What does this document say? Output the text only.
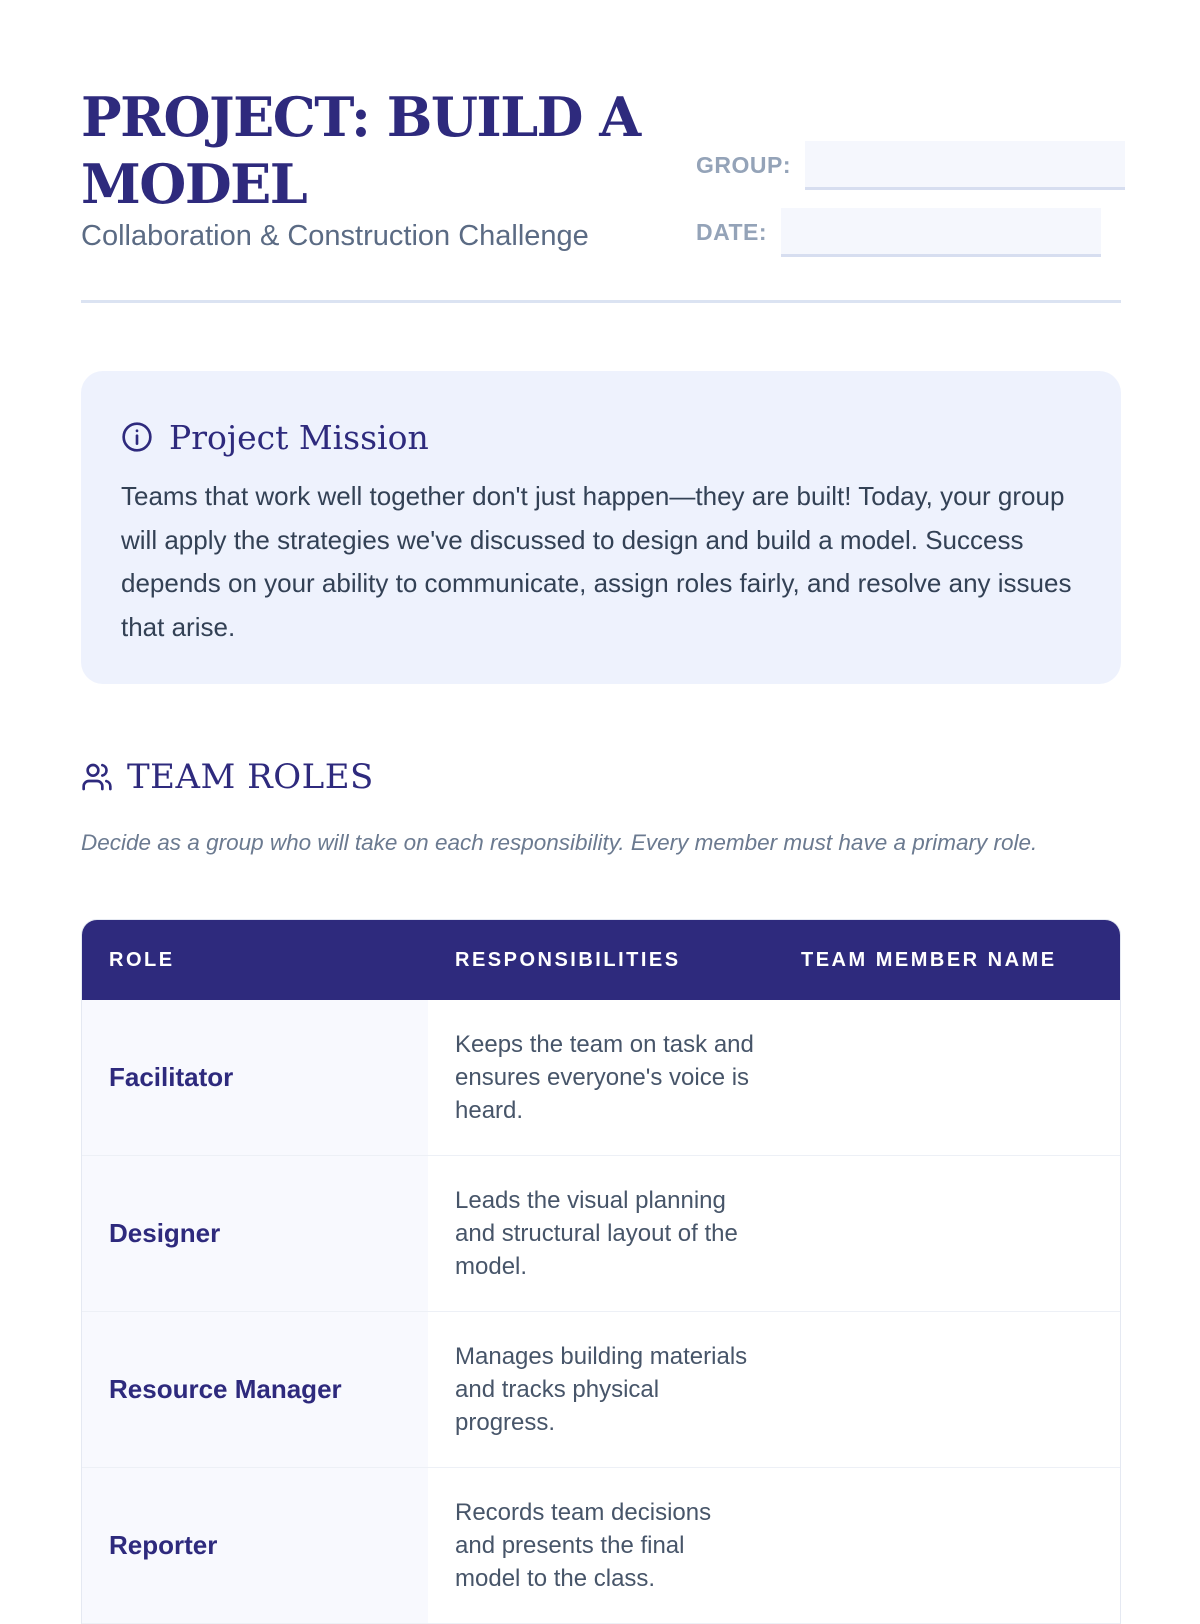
PROJECT: BUILD A MODEL

Collaboration & Construction Challenge

GROUP:
DATE:
Project Mission

Teams that work well together don't just happen—they are built! Today, your group will apply the strategies we've discussed to design and build a model. Success depends on your ability to communicate, assign roles fairly, and resolve any issues that arise.

TEAM ROLES

Decide as a group who will take on each responsibility. Every member must have a primary role.

ROLE	RESPONSIBILITIES	TEAM MEMBER NAME
Facilitator
Keeps the team on task and ensures everyone's voice is heard.
Designer
Leads the visual planning and structural layout of the model.
Resource Manager
Manages building materials and tracks physical progress.
Reporter
Records team decisions and presents the final model to the class.
